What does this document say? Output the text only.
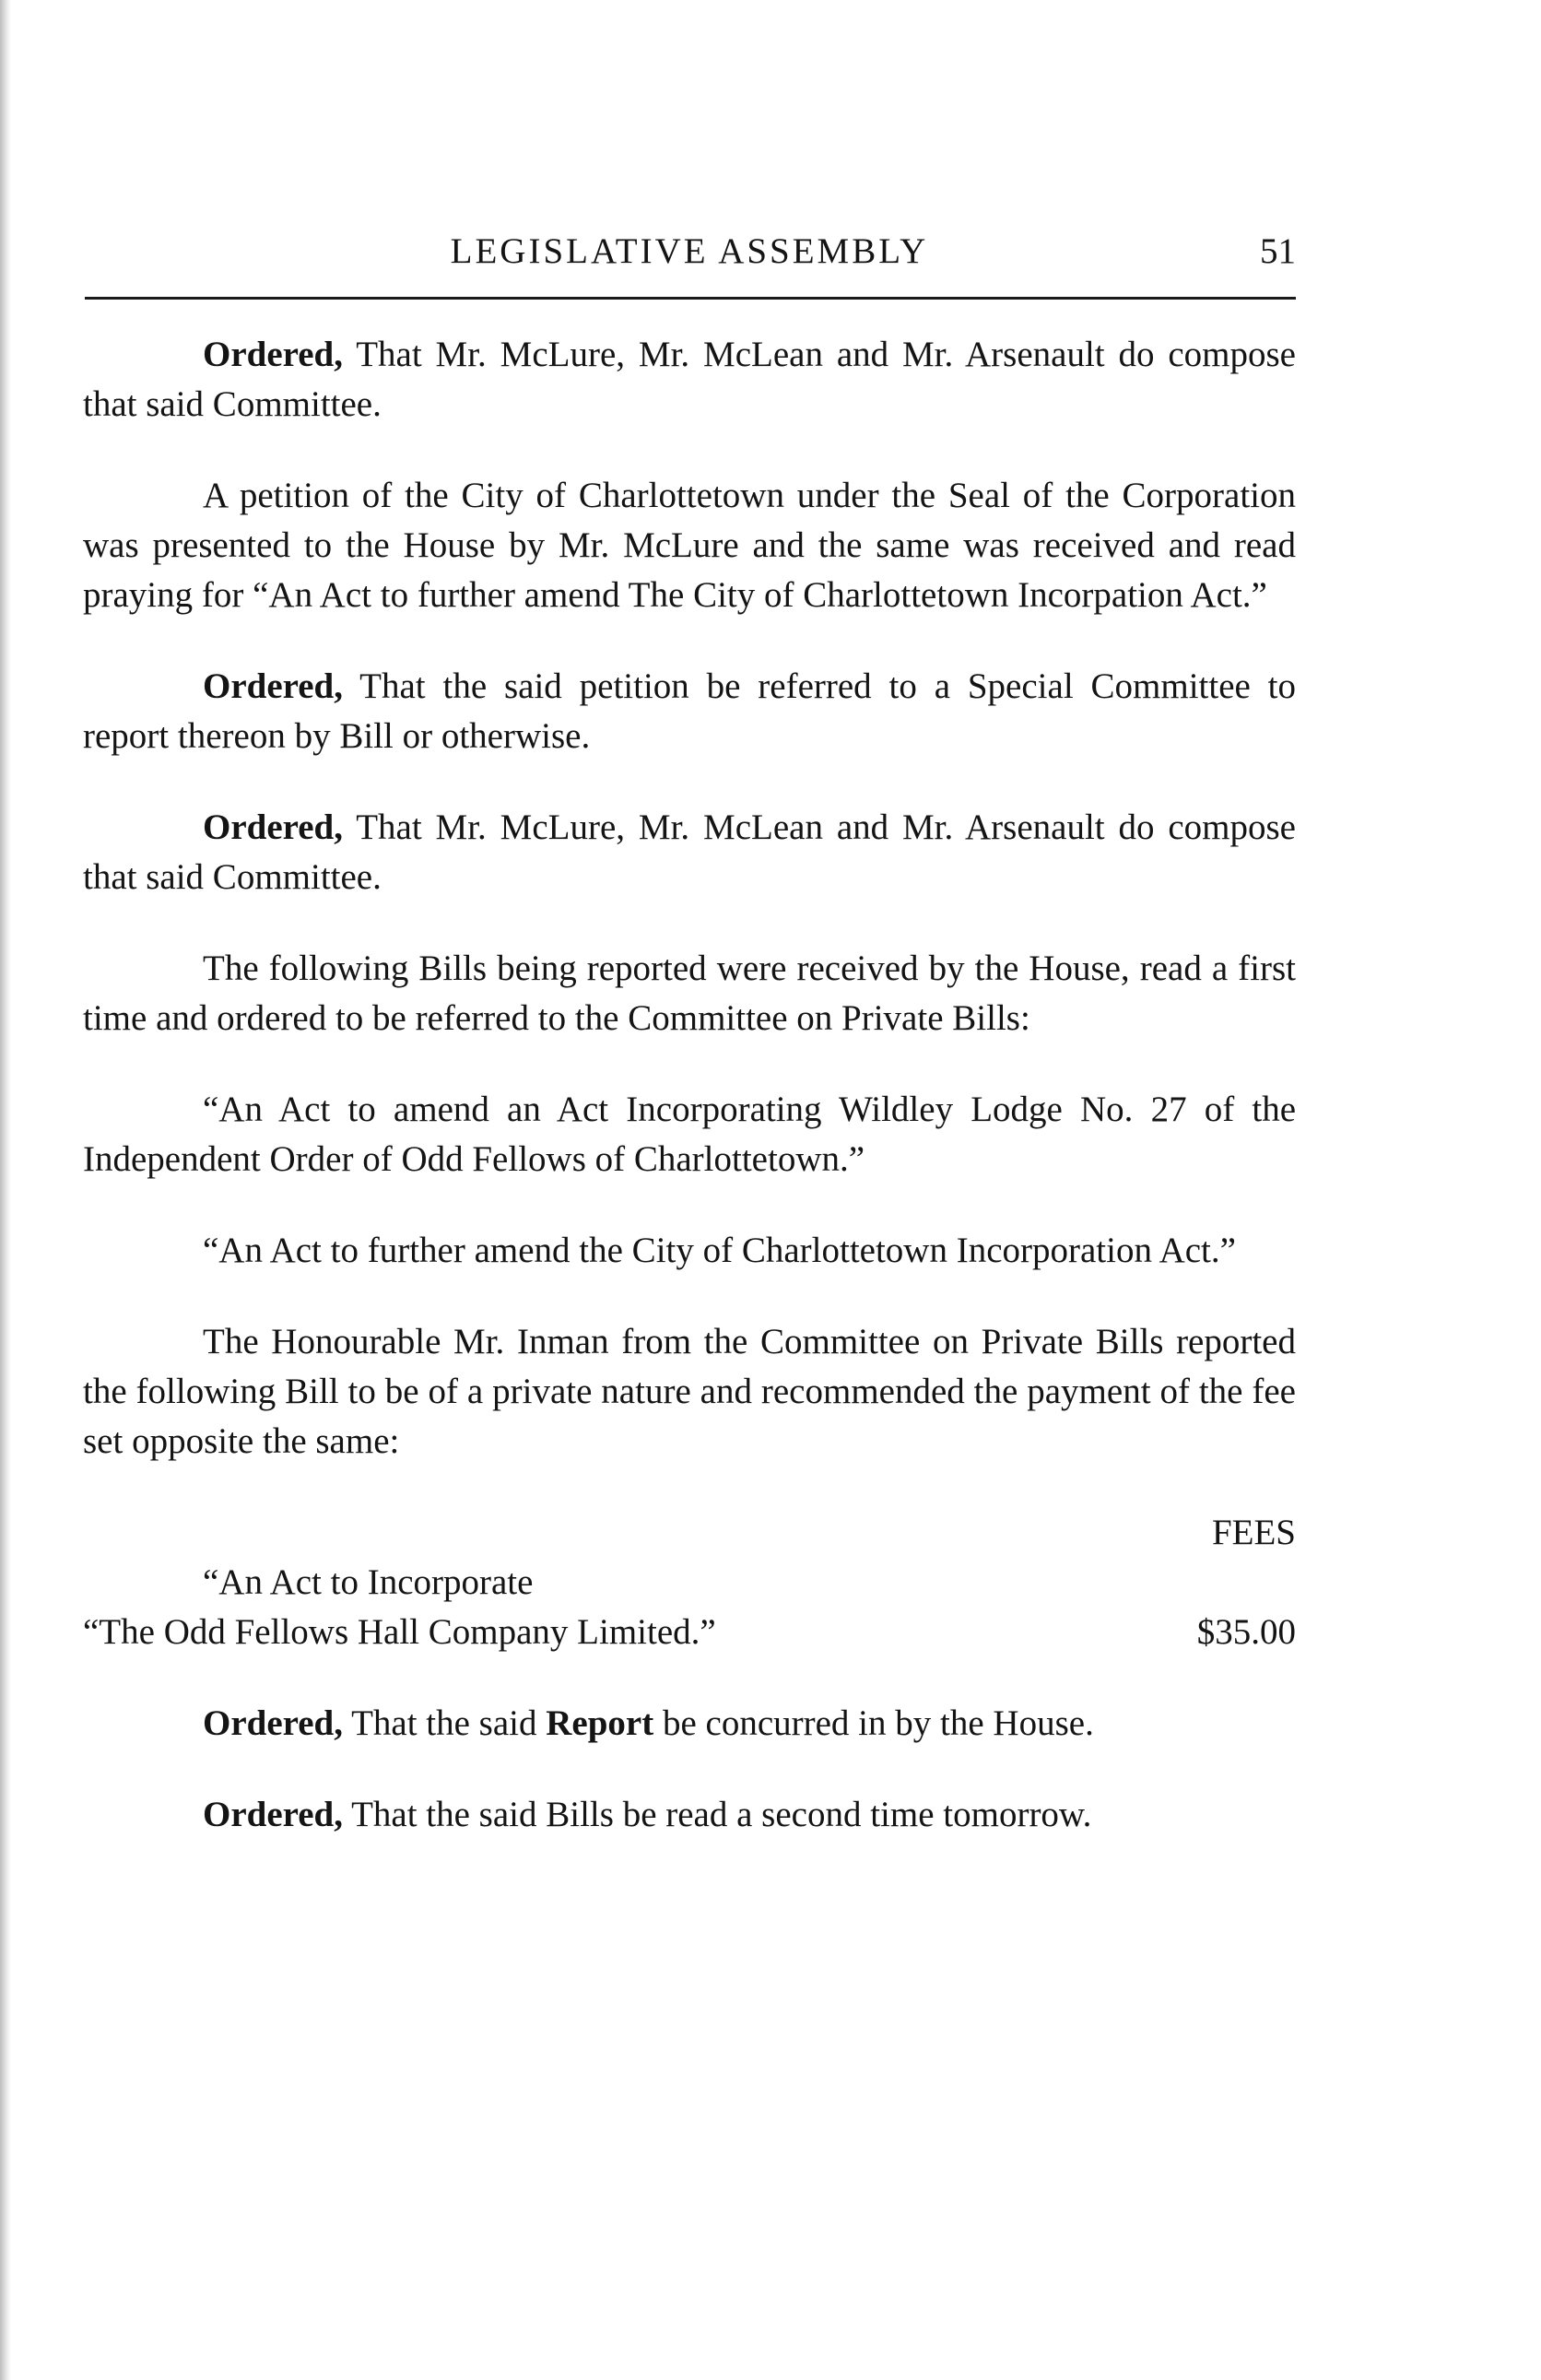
LEGISLATIVE ASSEMBLY	51

Ordered, That Mr. McLure, Mr. McLean and Mr. Arsenault do compose that said Committee.

A petition of the City of Charlottetown under the Seal of the Corporation was presented to the House by Mr. McLure and the same was received and read praying for “An Act to further amend The City of Charlottetown Incorpation Act.”

Ordered, That the said petition be referred to a Special Committee to report thereon by Bill or otherwise.

Ordered, That Mr. McLure, Mr. McLean and Mr. Arsenault do compose that said Committee.

The following Bills being reported were received by the House, read a first time and ordered to be referred to the Committee on Private Bills:

“An Act to amend an Act Incorporating Wildley Lodge No. 27 of the Independent Order of Odd Fellows of Charlottetown.”

“An Act to further amend the City of Charlottetown Incorporation Act.”

The Honourable Mr. Inman from the Committee on Private Bills reported the following Bill to be of a private nature and recommended the payment of the fee set opposite the same:

FEES
“An Act to Incorporate
“The Odd Fellows Hall Company Limited.”	$35.00

Ordered, That the said Report be concurred in by the House.

Ordered, That the said Bills be read a second time tomorrow.
